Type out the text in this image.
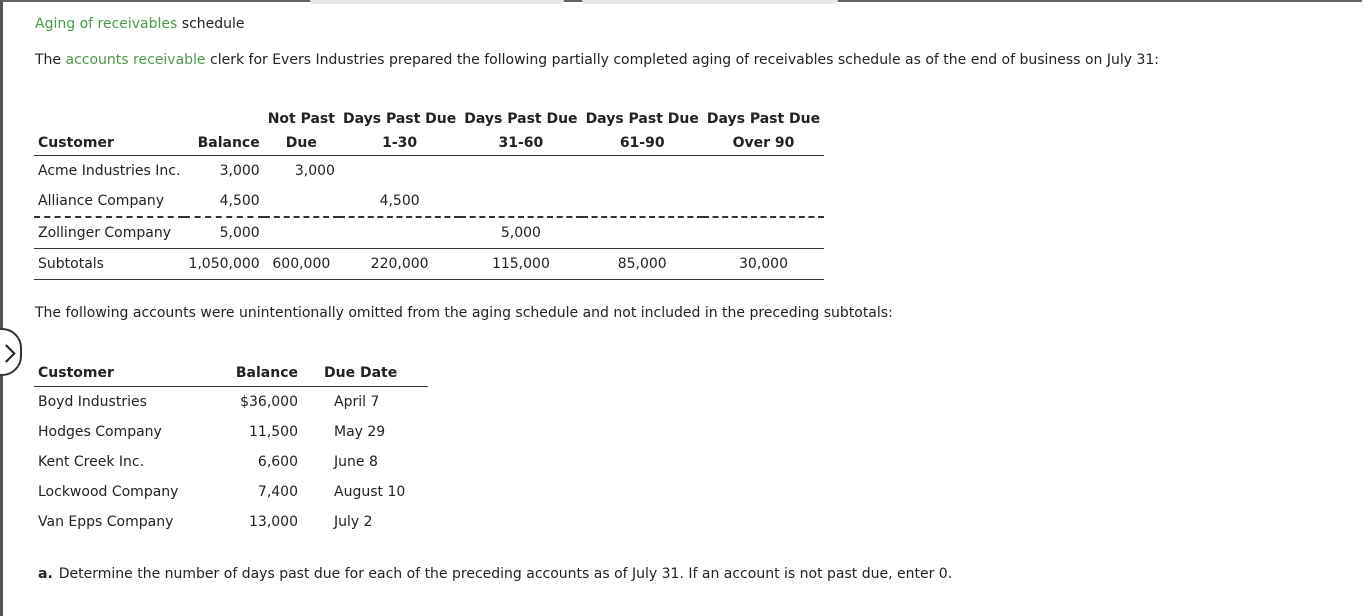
Aging of receivables schedule
The accounts receivable clerk for Evers Industries prepared the following partially completed aging of receivables schedule as of the end of business on July 31:
		Not Past	Days Past Due	Days Past Due	Days Past Due	Days Past Due
Customer	Balance	Due	1-30	31-60	61-90	Over 90
Acme Industries Inc.	3,000	3,000				
Alliance Company	4,500		4,500			
Zollinger Company	5,000			5,000		
Subtotals	1,050,000	600,000	220,000	115,000	85,000	30,000
The following accounts were unintentionally omitted from the aging schedule and not included in the preceding subtotals:
Customer	Balance	Due Date
Boyd Industries	$36,000	April 7
Hodges Company	11,500	May 29
Kent Creek Inc.	6,600	June 8
Lockwood Company	7,400	August 10
Van Epps Company	13,000	July 2
a. Determine the number of days past due for each of the preceding accounts as of July 31. If an account is not past due, enter 0.
